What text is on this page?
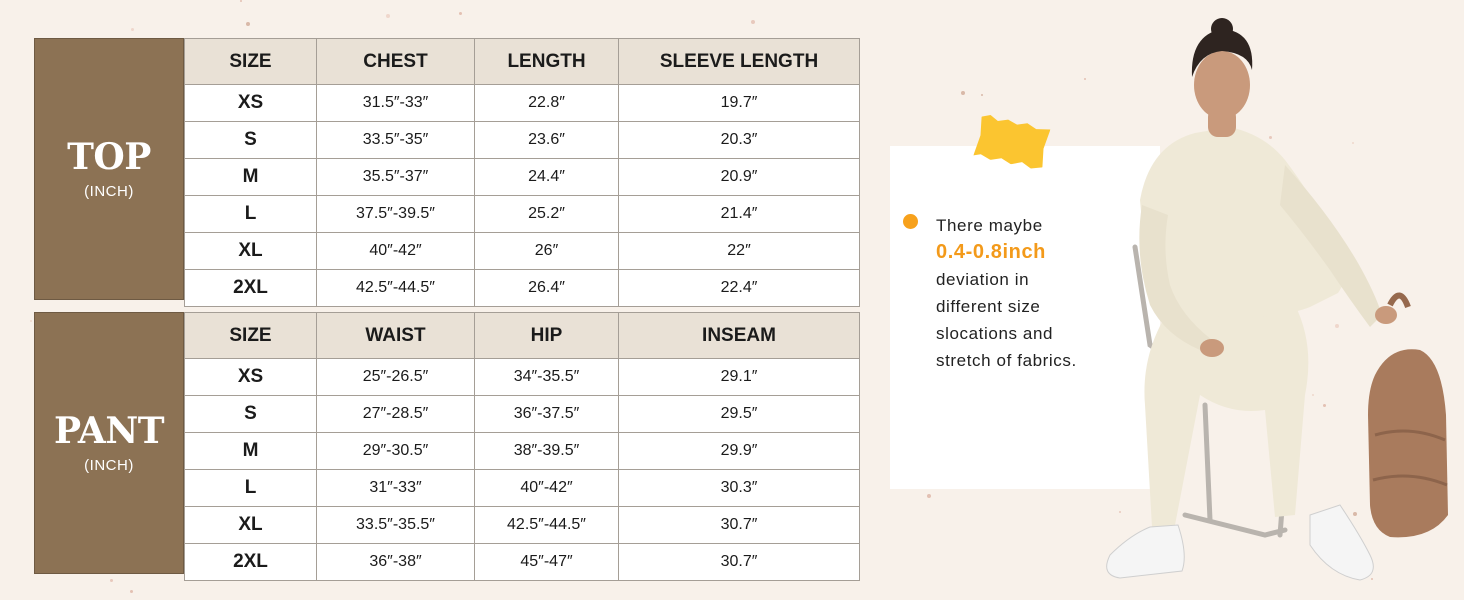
TOP
(INCH)
SIZE	CHEST	LENGTH	SLEEVE LENGTH
XS	31.5″-33″	22.8″	19.7″
S	33.5″-35″	23.6″	20.3″
M	35.5″-37″	24.4″	20.9″
L	37.5″-39.5″	25.2″	21.4″
XL	40″-42″	26″	22″
2XL	42.5″-44.5″	26.4″	22.4″
PANT
(INCH)
SIZE	WAIST	HIP	INSEAM
XS	25″-26.5″	34″-35.5″	29.1″
S	27″-28.5″	36″-37.5″	29.5″
M	29″-30.5″	38″-39.5″	29.9″
L	31″-33″	40″-42″	30.3″
XL	33.5″-35.5″	42.5″-44.5″	30.7″
2XL	36″-38″	45″-47″	30.7″
There maybe
0.4-0.8inch
deviation in
different size
slocations and
stretch of fabrics.
